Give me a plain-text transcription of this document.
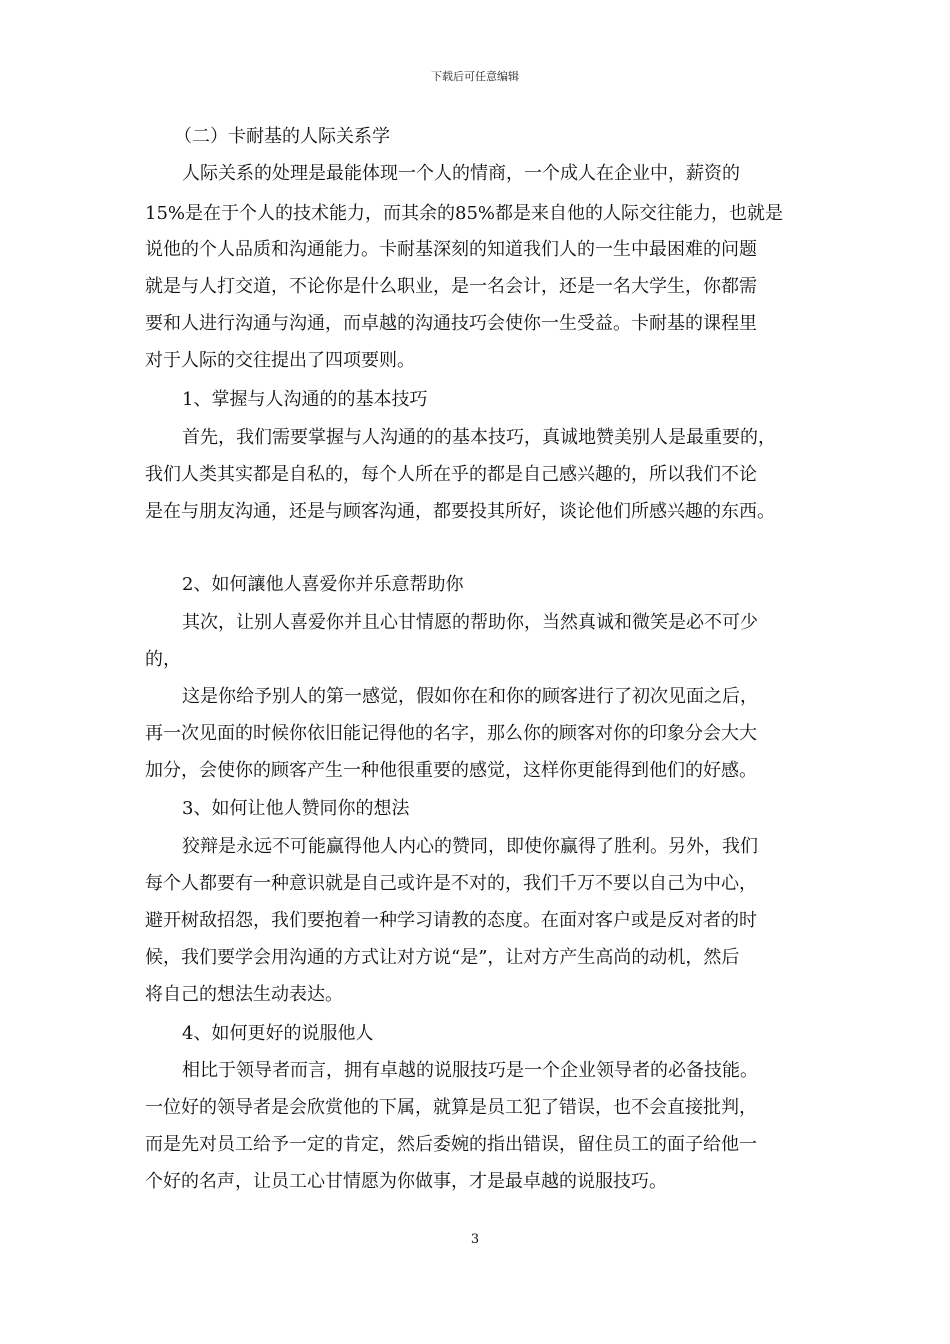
下载后可任意编辑
（二）卡耐基的人际关系学
人际关系的处理是最能体现一个人的情商，一个成人在企业中，薪资的
15%是在于个人的技术能力，而其余的85%都是来自他的人际交往能力，也就是
说他的个人品质和沟通能力。卡耐基深刻的知道我们人的一生中最困难的问题
就是与人打交道，不论你是什么职业，是一名会计，还是一名大学生，你都需
要和人进行沟通与沟通，而卓越的沟通技巧会使你一生受益。卡耐基的课程里
对于人际的交往提出了四项要则。
1、掌握与人沟通的的基本技巧
首先，我们需要掌握与人沟通的的基本技巧，真诚地赞美别人是最重要的，
我们人类其实都是自私的，每个人所在乎的都是自己感兴趣的，所以我们不论
是在与朋友沟通，还是与顾客沟通，都要投其所好，谈论他们所感兴趣的东西。
2、如何讓他人喜爱你并乐意帮助你
其次，让别人喜爱你并且心甘情愿的帮助你，当然真诚和微笑是必不可少
的，
这是你给予别人的第一感觉，假如你在和你的顾客进行了初次见面之后，
再一次见面的时候你依旧能记得他的名字，那么你的顾客对你的印象分会大大
加分，会使你的顾客产生一种他很重要的感觉，这样你更能得到他们的好感。
3、如何让他人赞同你的想法
狡辩是永远不可能赢得他人内心的赞同，即使你赢得了胜利。另外，我们
每个人都要有一种意识就是自己或许是不对的，我们千万不要以自己为中心，
避开树敌招怨，我们要抱着一种学习请教的态度。在面对客户或是反对者的时
候，我们要学会用沟通的方式让对方说“是”，让对方产生高尚的动机，然后
将自己的想法生动表达。
4、如何更好的说服他人
相比于领导者而言，拥有卓越的说服技巧是一个企业领导者的必备技能。
一位好的领导者是会欣赏他的下属，就算是员工犯了错误，也不会直接批判，
而是先对员工给予一定的肯定，然后委婉的指出错误，留住员工的面子给他一
个好的名声，让员工心甘情愿为你做事，才是最卓越的说服技巧。
3
